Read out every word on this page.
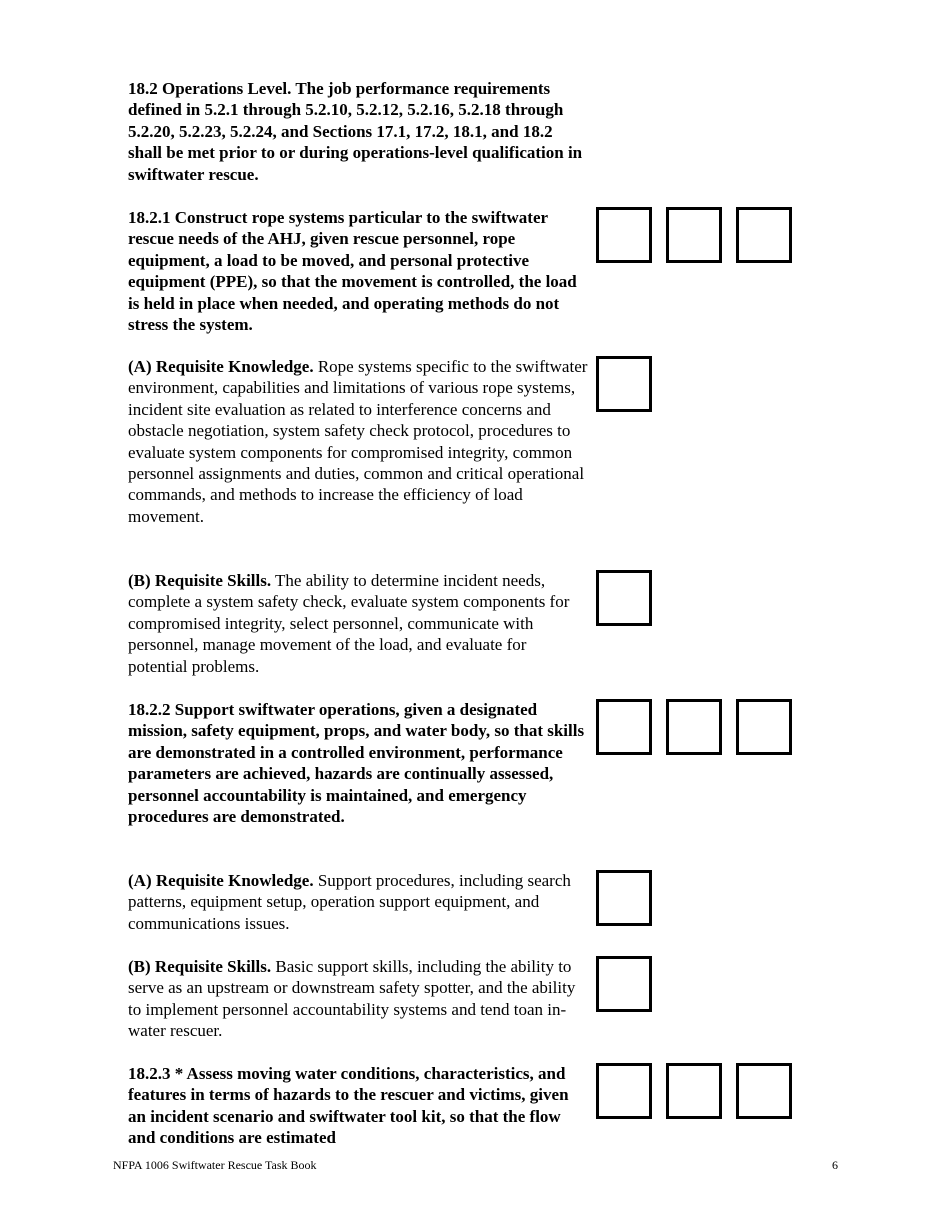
18.2 Operations Level. The job performance requirements defined in 5.2.1 through 5.2.10, 5.2.12, 5.2.16, 5.2.18 through 5.2.20, 5.2.23, 5.2.24, and Sections 17.1, 17.2, 18.1, and 18.2 shall be met prior to or during operations-level qualification in swiftwater rescue.

18.2.1 Construct rope systems particular to the swiftwater rescue needs of the AHJ, given rescue personnel, rope equipment, a load to be moved, and personal protective equipment (PPE), so that the movement is controlled, the load is held in place when needed, and operating methods do not stress the system.

(A) Requisite Knowledge. Rope systems specific to the swiftwater environment, capabilities and limitations of various rope systems, incident site evaluation as related to interference concerns and obstacle negotiation, system safety check protocol, procedures to evaluate system components for compromised integrity, common personnel assignments and duties, common and critical operational commands, and methods to increase the efficiency of load movement.

(B) Requisite Skills. The ability to determine incident needs, complete a system safety check, evaluate system components for compromised integrity, select personnel, communicate with personnel, manage movement of the load, and evaluate for potential problems.

18.2.2 Support swiftwater operations, given a designated mission, safety equipment, props, and water body, so that skills are demonstrated in a controlled environment, performance parameters are achieved, hazards are continually assessed, personnel accountability is maintained, and emergency procedures are demonstrated.

(A) Requisite Knowledge. Support procedures, including search patterns, equipment setup, operation support equipment, and communications issues.

(B) Requisite Skills. Basic support skills, including the ability to serve as an upstream or downstream safety spotter, and the ability to implement personnel accountability systems and tend toan in-water rescuer.

18.2.3 * Assess moving water conditions, characteristics, and features in terms of hazards to the rescuer and victims, given an incident scenario and swiftwater tool kit, so that the flow and conditions are estimated

NFPA 1006 Swiftwater Rescue Task Book	6
